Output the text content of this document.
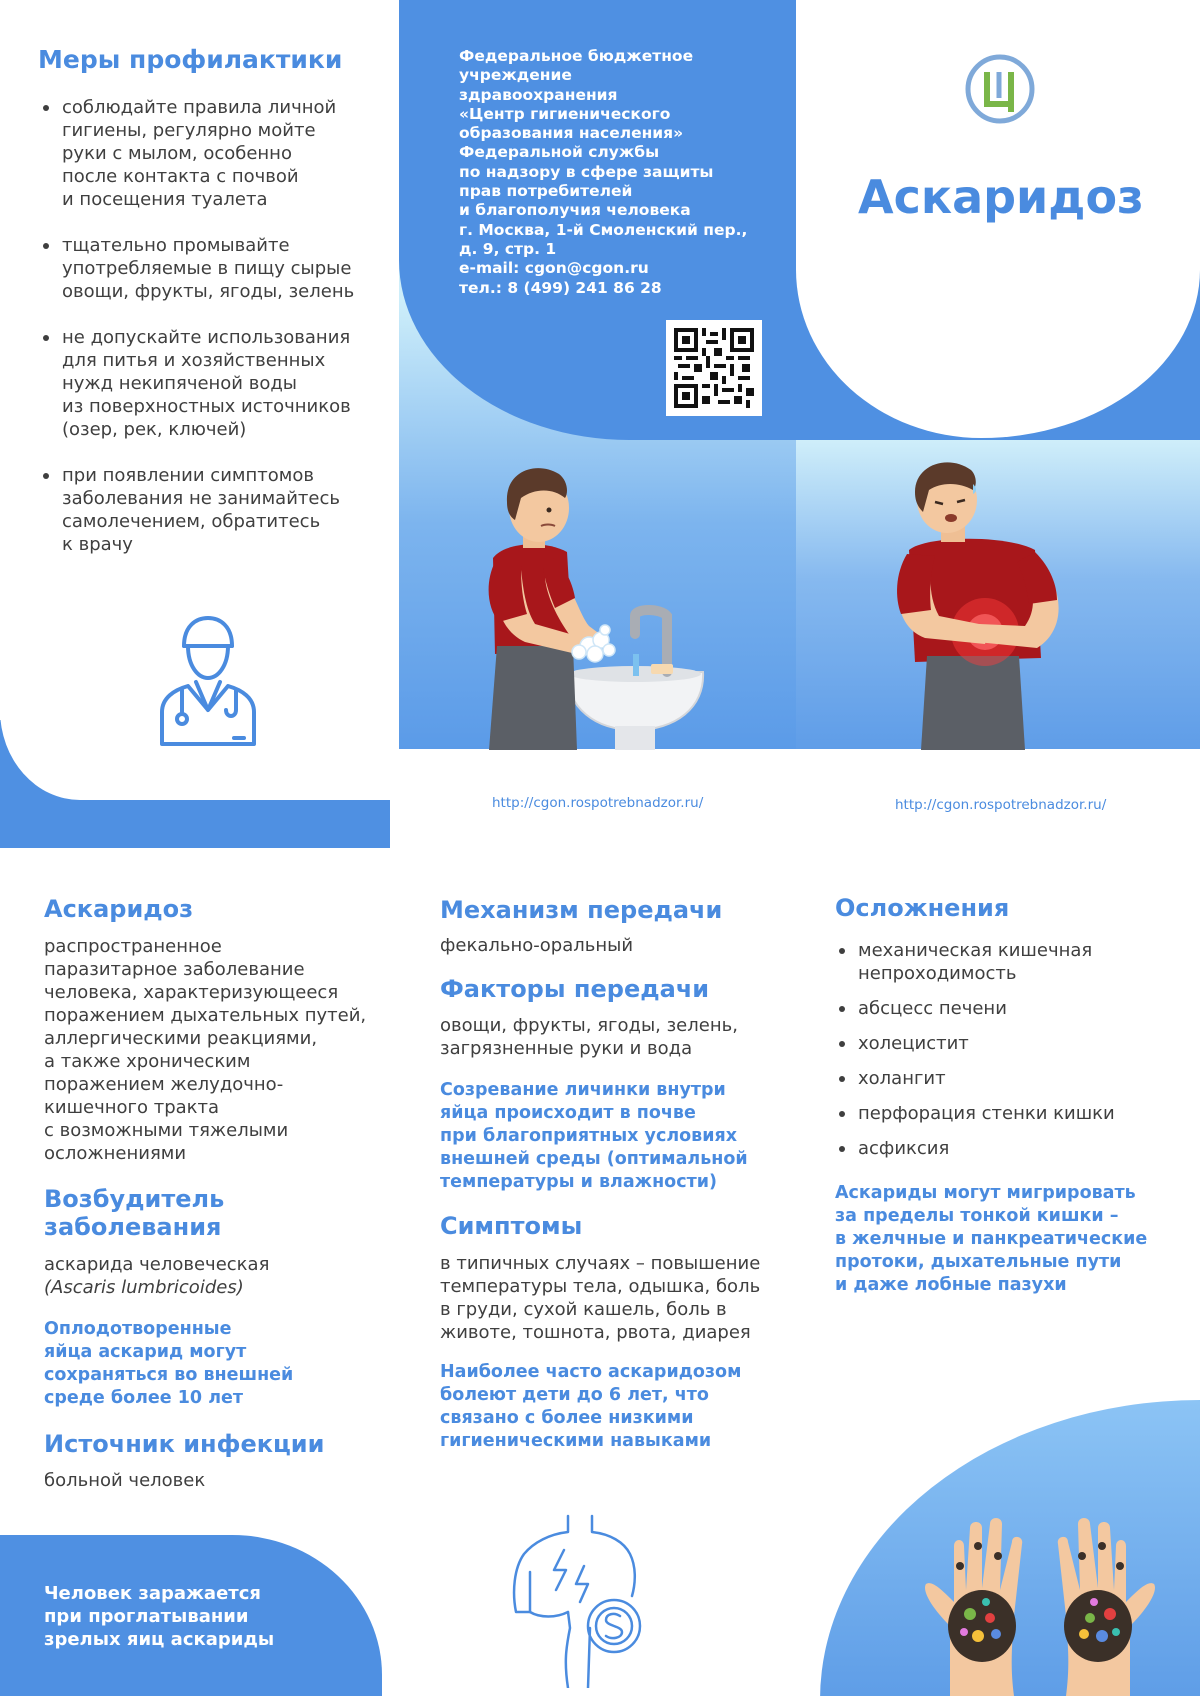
Меры профилактики
соблюдайте правила личной
гигиены, регулярно мойте
руки с мылом, особенно
после контакта с почвой
и посещения туалета
тщательно промывайте
употребляемые в пищу сырые
овощи, фрукты, ягоды, зелень
не допускайте использования
для питья и хозяйственных
нужд некипяченой воды
из поверхностных источников
(озер, рек, ключей)
при появлении симптомов
заболевания не занимайтесь
самолечением, обратитесь
к врачу
Федеральное бюджетное
учреждение
здравоохранения
«Центр гигиенического
образования населения»
Федеральной службы
по надзору в сфере защиты
прав потребителей
и благополучия человека
г. Москва, 1-й Смоленский пер.,
д. 9, стр. 1
e-mail: cgon@cgon.ru
тел.: 8 (499) 241 86 28
http://cgon.rospotrebnadzor.ru/
Аскаридоз
http://cgon.rospotrebnadzor.ru/
Аскаридоз
распространенное
паразитарное заболевание
человека, характеризующееся
поражением дыхательных путей,
аллергическими реакциями,
а также хроническим
поражением желудочно-
кишечного тракта
с возможными тяжелыми
осложнениями
Возбудитель
заболевания
аскарида человеческая
(Ascaris lumbricoides)
Оплодотворенные
яйца аскарид могут
сохраняться во внешней
среде более 10 лет
Источник инфекции
больной человек
Человек заражается
при проглатывании
зрелых яиц аскариды
Механизм передачи
фекально-оральный
Факторы передачи
овощи, фрукты, ягоды, зелень,
загрязненные руки и вода
Созревание личинки внутри
яйца происходит в почве
при благоприятных условиях
внешней среды (оптимальной
температуры и влажности)
Симптомы
в типичных случаях – повышение
температуры тела, одышка, боль
в груди, сухой кашель, боль в
животе, тошнота, рвота, диарея
Наиболее часто аскаридозом
болеют дети до 6 лет, что
связано с более низкими
гигиеническими навыками
Осложнения
механическая кишечная
непроходимость
абсцесс печени
холецистит
холангит
перфорация стенки кишки
асфиксия
Аскариды могут мигрировать
за пределы тонкой кишки –
в желчные и панкреатические
протоки, дыхательные пути
и даже лобные пазухи
